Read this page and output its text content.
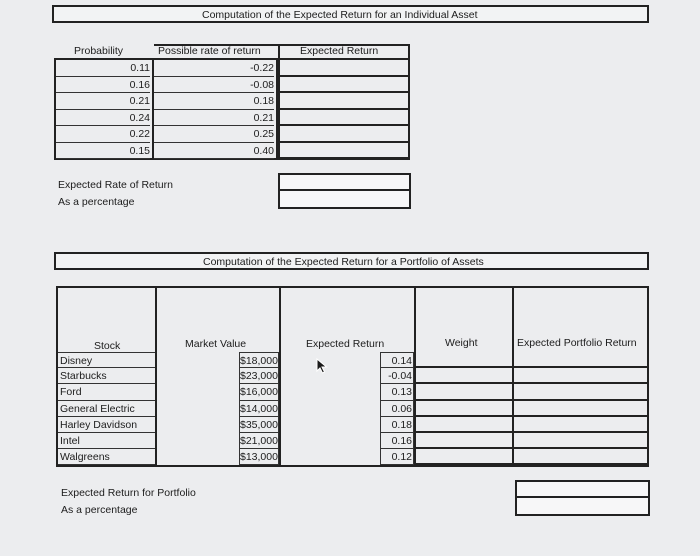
Computation of the Expected Return for an Individual Asset
Probability	Possible rate of return	Expected Return
0.11	-0.22
0.16	-0.08
0.21	0.18
0.24	0.21
0.22	0.25
0.15	0.40
Expected Rate of Return
As a percentage
Computation of the Expected Return for a Portfolio of Assets
Stock	Market Value	Expected Return	Weight	Expected Portfolio Return
Disney	$18,000	0.14
Starbucks	$23,000	-0.04
Ford	$16,000	0.13
General Electric	$14,000	0.06
Harley Davidson	$35,000	0.18
Intel	$21,000	0.16
Walgreens	$13,000	0.12
Expected Return for Portfolio
As a percentage
